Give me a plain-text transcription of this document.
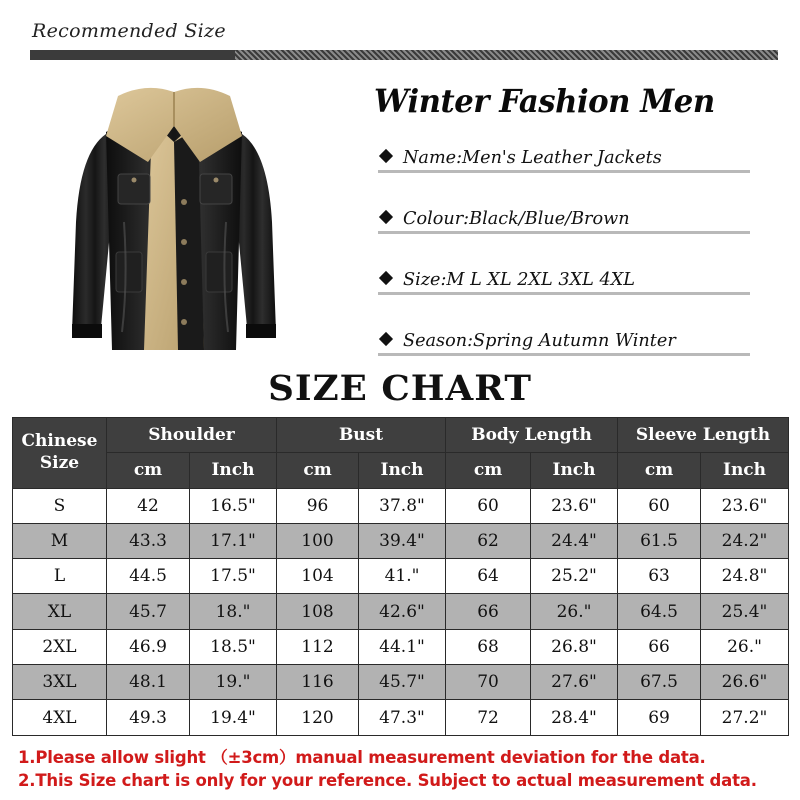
Recommended Size
Winter Fashion Men
Name:Men's Leather Jackets
Colour:Black/Blue/Brown
Size:M L XL 2XL 3XL 4XL
Season:Spring Autumn Winter
SIZE CHART
Chinese	Shoulder		Bust		Body Length		Sleeve Length	
Size	cm	Inch	cm	Inch	cm	Inch	cm	Inch
S	42	16.5"	96	37.8"	60	23.6"	60	23.6"
M	43.3	17.1"	100	39.4"	62	24.4"	61.5	24.2"
L	44.5	17.5"	104	41."	64	25.2"	63	24.8"
XL	45.7	18."	108	42.6"	66	26."	64.5	25.4"
2XL	46.9	18.5"	112	44.1"	68	26.8"	66	26."
3XL	48.1	19."	116	45.7"	70	27.6"	67.5	26.6"
4XL	49.3	19.4"	120	47.3"	72	28.4"	69	27.2"
1.Please allow slight （±3cm）manual measurement deviation for the data.
2.This Size chart is only for your reference. Subject to actual measurement data.
